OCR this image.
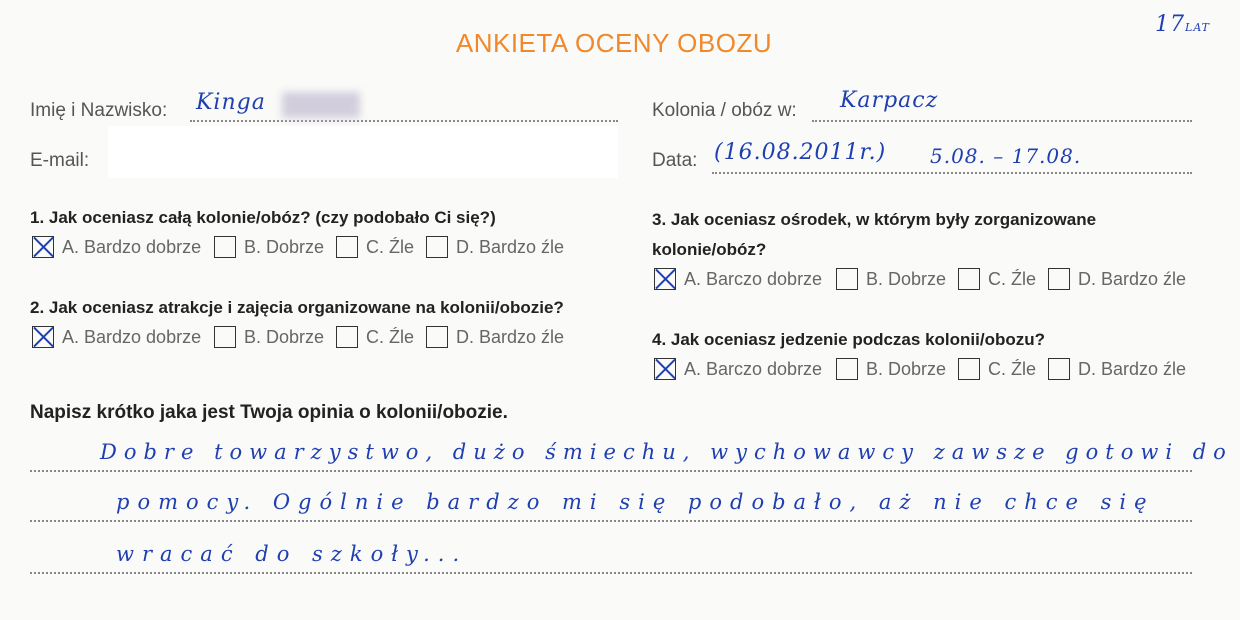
ANKIETA OCENY OBOZU
17LAT
Imię i Nazwisko: Kinga
E-mail:
Kolonia / obóz w: Karpacz
Data: (16.08.2011r.) 5.08. – 17.08.
1. Jak oceniasz całą kolonie/obóz? (czy podobało Ci się?)
A. Bardzo dobrze B. Dobrze C. Źle D. Bardzo źle
2. Jak oceniasz atrakcje i zajęcia organizowane na kolonii/obozie?
A. Bardzo dobrze B. Dobrze C. Źle D. Bardzo źle
3. Jak oceniasz ośrodek, w którym były zorganizowane
kolonie/obóz?
A. Barczo dobrze B. Dobrze C. Źle D. Bardzo źle
4. Jak oceniasz jedzenie podczas kolonii/obozu?
A. Barczo dobrze B. Dobrze C. Źle D. Bardzo źle
Napisz krótko jaka jest Twoja opinia o kolonii/obozie.
Dobre towarzystwo, dużo śmiechu, wychowawcy zawsze gotowi do
pomocy. Ogólnie bardzo mi się podobało, aż nie chce się
wracać do szkoły...
